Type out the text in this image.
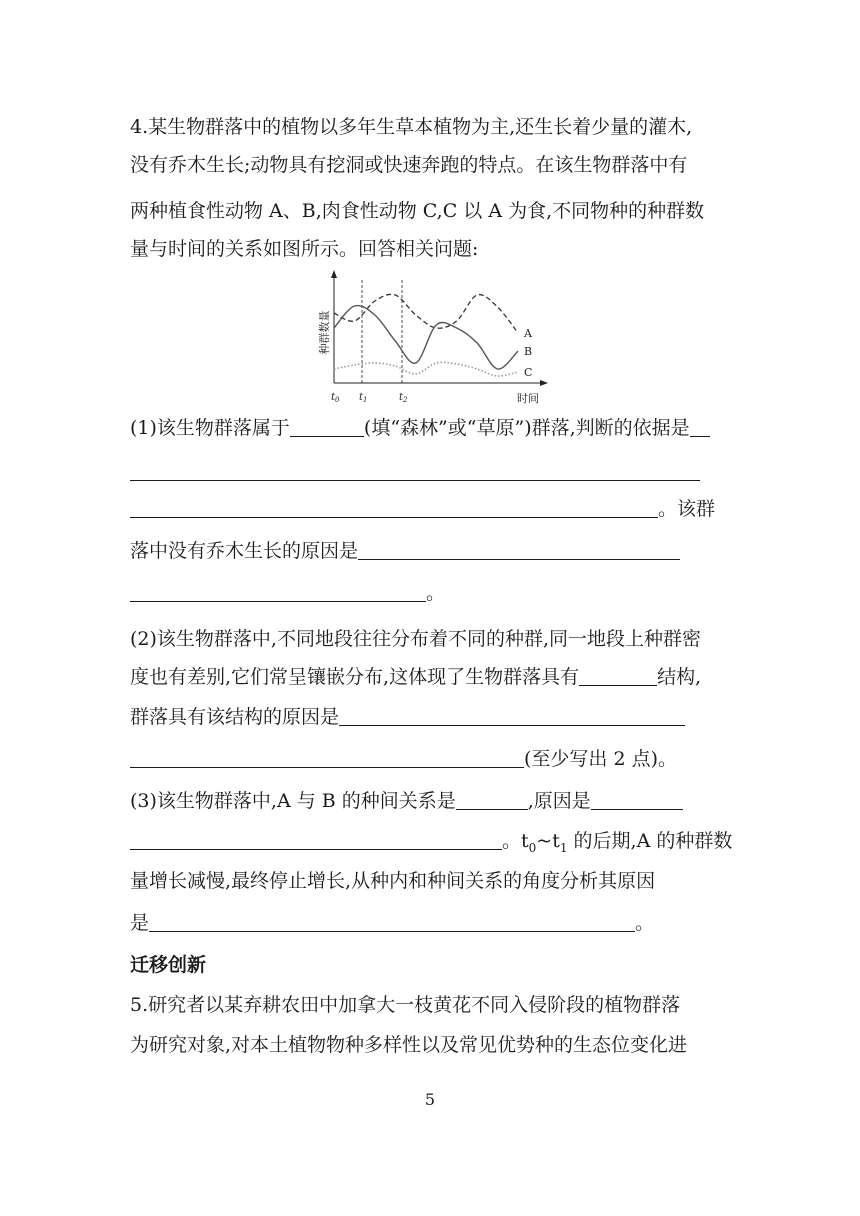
4.某生物群落中的植物以多年生草本植物为主,还生长着少量的灌木,
没有乔木生长;动物具有挖洞或快速奔跑的特点。在该生物群落中有
两种植食性动物 A、B,肉食性动物 C,C 以 A 为食,不同物种的种群数
量与时间的关系如图所示。回答相关问题:
种群数量
时间
$t_0$ $t_1$	$t_2$
A
B
C
(1)该生物群落属于	(填“森林”或“草原”)群落,判断的依据是
。该群
落中没有乔木生长的原因是
。
(2)该生物群落中,不同地段往往分布着不同的种群,同一地段上种群密
度也有差别,它们常呈镶嵌分布,这体现了生物群落具有	结构,
群落具有该结构的原因是
(至少写出 2 点)。
(3)该生物群落中,A 与 B 的种间关系是	,原因是
。$t_0\sim t_1$ 的后期,A 的种群数
量增长减慢,最终停止增长,从种内和种间关系的角度分析其原因
是	。
迁移创新
5.研究者以某弃耕农田中加拿大一枝黄花不同入侵阶段的植物群落
为研究对象,对本土植物物种多样性以及常见优势种的生态位变化进
5
